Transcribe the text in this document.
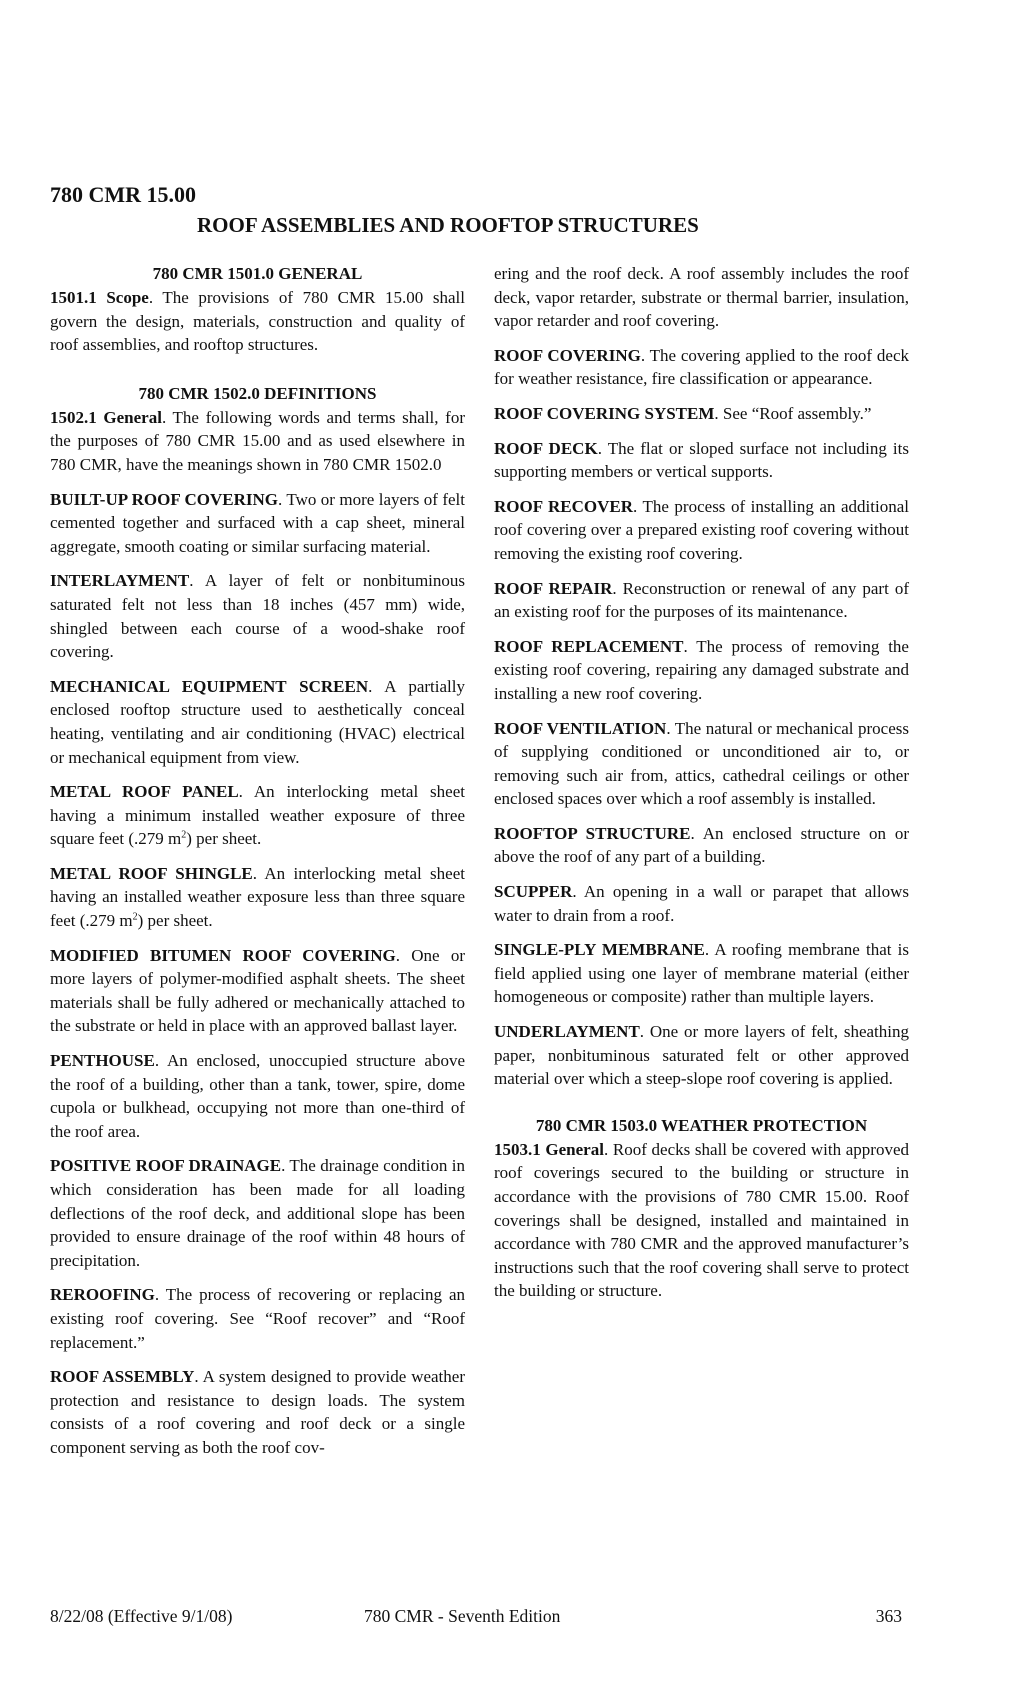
780 CMR 15.00
ROOF ASSEMBLIES AND ROOFTOP STRUCTURES
780 CMR 1501.0 GENERAL

1501.1 Scope. The provisions of 780 CMR 15.00 shall govern the design, materials, construction and quality of roof assemblies, and rooftop structures.

780 CMR 1502.0 DEFINITIONS

1502.1 General. The following words and terms shall, for the purposes of 780 CMR 15.00 and as used elsewhere in 780 CMR, have the meanings shown in 780 CMR 1502.0

BUILT-UP ROOF COVERING. Two or more layers of felt cemented together and surfaced with a cap sheet, mineral aggregate, smooth coating or similar surfacing material.

INTERLAYMENT. A layer of felt or nonbituminous saturated felt not less than 18 inches (457 mm) wide, shingled between each course of a wood-shake roof covering.

MECHANICAL EQUIPMENT SCREEN. A partially enclosed rooftop structure used to aesthetically conceal heating, ventilating and air conditioning (HVAC) electrical or mechanical equipment from view.

METAL ROOF PANEL. An interlocking metal sheet having a minimum installed weather exposure of three square feet (.279 $m^2$) per sheet.

METAL ROOF SHINGLE. An interlocking metal sheet having an installed weather exposure less than three square feet (.279 $m^2$) per sheet.

MODIFIED BITUMEN ROOF COVERING. One or more layers of polymer-modified asphalt sheets. The sheet materials shall be fully adhered or mechanically attached to the substrate or held in place with an approved ballast layer.

PENTHOUSE. An enclosed, unoccupied structure above the roof of a building, other than a tank, tower, spire, dome cupola or bulkhead, occupying not more than one-third of the roof area.

POSITIVE ROOF DRAINAGE. The drainage condition in which consideration has been made for all loading deflections of the roof deck, and additional slope has been provided to ensure drainage of the roof within 48 hours of precipitation.

REROOFING. The process of recovering or replacing an existing roof covering. See “Roof recover” and “Roof replacement.”

ROOF ASSEMBLY. A system designed to provide weather protection and resistance to design loads. The system consists of a roof covering and roof deck or a single component serving as both the roof cov-

ering and the roof deck. A roof assembly includes the roof deck, vapor retarder, substrate or thermal barrier, insulation, vapor retarder and roof covering.

ROOF COVERING. The covering applied to the roof deck for weather resistance, fire classification or appearance.

ROOF COVERING SYSTEM. See “Roof assembly.”

ROOF DECK. The flat or sloped surface not including its supporting members or vertical supports.

ROOF RECOVER. The process of installing an additional roof covering over a prepared existing roof covering without removing the existing roof covering.

ROOF REPAIR. Reconstruction or renewal of any part of an existing roof for the purposes of its maintenance.

ROOF REPLACEMENT. The process of removing the existing roof covering, repairing any damaged substrate and installing a new roof covering.

ROOF VENTILATION. The natural or mechanical process of supplying conditioned or unconditioned air to, or removing such air from, attics, cathedral ceilings or other enclosed spaces over which a roof assembly is installed.

ROOFTOP STRUCTURE. An enclosed structure on or above the roof of any part of a building.

SCUPPER. An opening in a wall or parapet that allows water to drain from a roof.

SINGLE-PLY MEMBRANE. A roofing membrane that is field applied using one layer of membrane material (either homogeneous or composite) rather than multiple layers.

UNDERLAYMENT. One or more layers of felt, sheathing paper, nonbituminous saturated felt or other approved material over which a steep-slope roof covering is applied.

780 CMR 1503.0 WEATHER PROTECTION

1503.1 General. Roof decks shall be covered with approved roof coverings secured to the building or structure in accordance with the provisions of 780 CMR 15.00. Roof coverings shall be designed, installed and maintained in accordance with 780 CMR and the approved manufacturer’s instructions such that the roof covering shall serve to protect the building or structure.

8/22/08 (Effective 9/1/08)	780 CMR - Seventh Edition	363
